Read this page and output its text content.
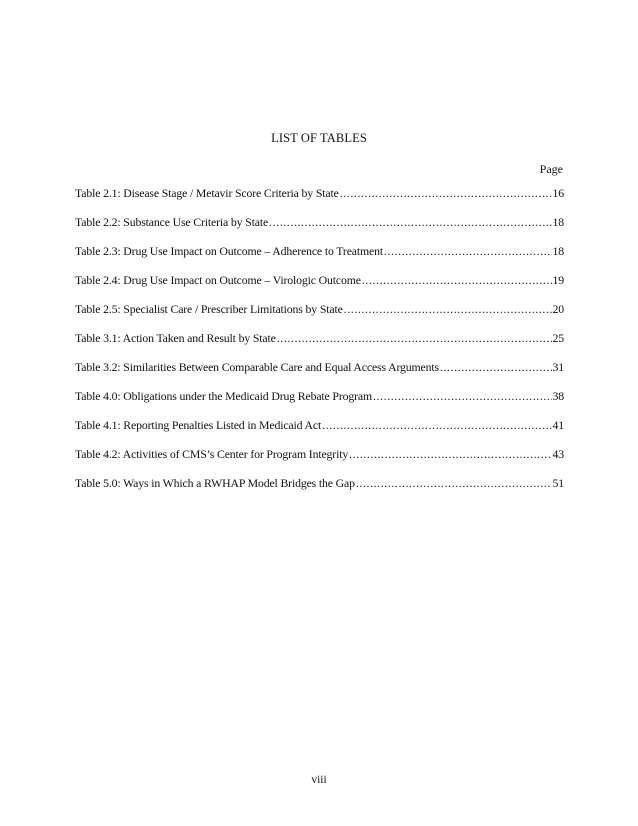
LIST OF TABLES
Page
Table 2.1: Disease Stage / Metavir Score Criteria by State .....	16
Table 2.2: Substance Use Criteria by State .....	18
Table 2.3: Drug Use Impact on Outcome – Adherence to Treatment .....	18
Table 2.4: Drug Use Impact on Outcome – Virologic Outcome .....	19
Table 2.5: Specialist Care / Prescriber Limitations by State .....	20
Table 3.1: Action Taken and Result by State .....	25
Table 3.2: Similarities Between Comparable Care and Equal Access Arguments .....	31
Table 4.0: Obligations under the Medicaid Drug Rebate Program .....	38
Table 4.1: Reporting Penalties Listed in Medicaid Act .....	41
Table 4.2: Activities of CMS’s Center for Program Integrity .....	43
Table 5.0: Ways in Which a RWHAP Model Bridges the Gap .....	51
viii
